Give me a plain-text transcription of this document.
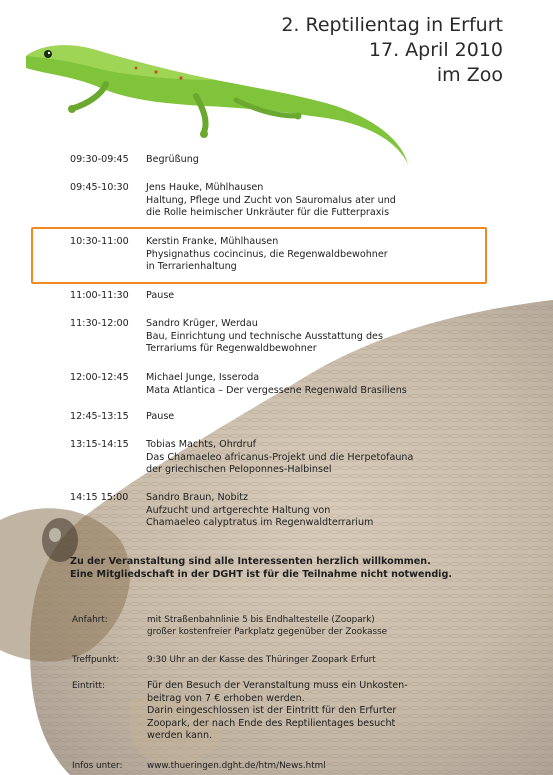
2. Reptilientag in Erfurt
17. April 2010
im Zoo
09:30-09:45	Begrüßung
09:45-10:30	Jens Hauke, Mühlhausen
Haltung, Pflege und Zucht von Sauromalus ater und
die Rolle heimischer Unkräuter für die Futterpraxis
10:30-11:00	Kerstin Franke, Mühlhausen
Physignathus cocincinus, die Regenwaldbewohner
in Terrarienhaltung
11:00-11:30	Pause
11:30-12:00	Sandro Krüger, Werdau
Bau, Einrichtung und technische Ausstattung des
Terrariums für Regenwaldbewohner
12:00-12:45	Michael Junge, Isseroda
Mata Atlantica – Der vergessene Regenwald Brasiliens
12:45-13:15	Pause
13:15-14:15	Tobias Machts, Ohrdruf
Das Chamaeleo africanus-Projekt und die Herpetofauna
der griechischen Peloponnes-Halbinsel
14:15 15:00	Sandro Braun, Nobitz
Aufzucht und artgerechte Haltung von
Chamaeleo calyptratus im Regenwaldterrarium
Zu der Veranstaltung sind alle Interessenten herzlich willkommen.
Eine Mitgliedschaft in der DGHT ist für die Teilnahme nicht notwendig.
Anfahrt:	mit Straßenbahnlinie 5 bis Endhaltestelle (Zoopark)
großer kostenfreier Parkplatz gegenüber der Zookasse
Treffpunkt:	9:30 Uhr an der Kasse des Thüringer Zoopark Erfurt
Eintritt:	Für den Besuch der Veranstaltung muss ein Unkosten-
beitrag von 7 € erhoben werden.
Darin eingeschlossen ist der Eintritt für den Erfurter
Zoopark, der nach Ende des Reptilientages besucht
werden kann.
Infos unter:	www.thueringen.dght.de/htm/News.html
